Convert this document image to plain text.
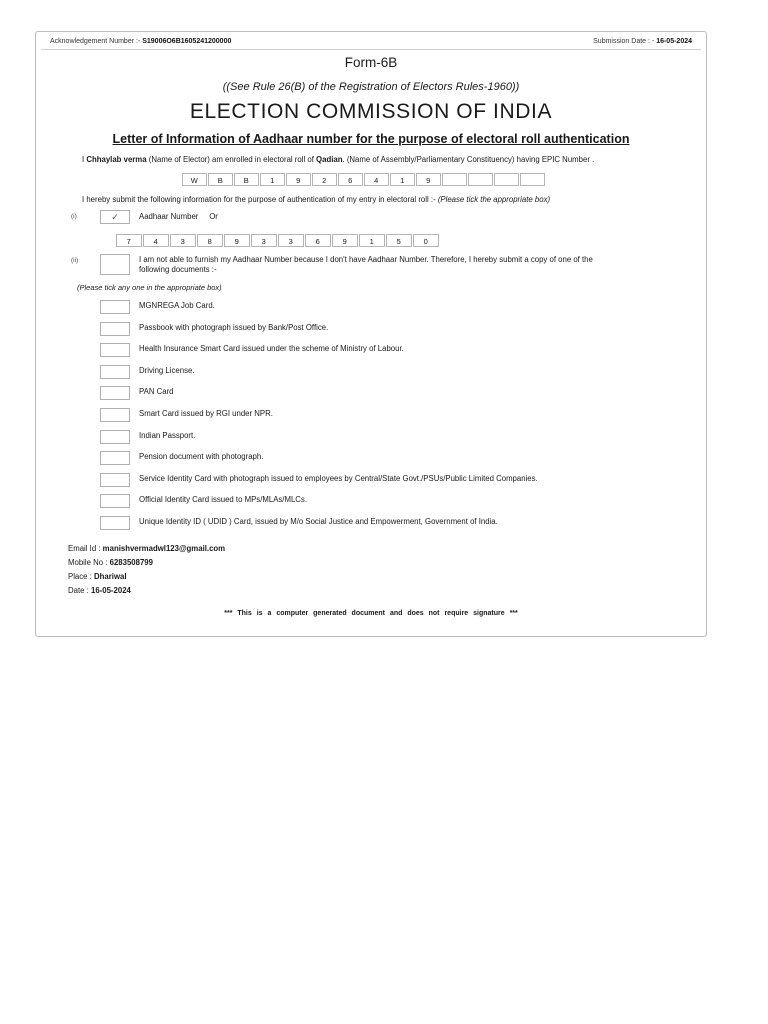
Acknowledgement Number :- S19006O6B1605241200000	Submission Date : - 16-05-2024
Form-6B
((See Rule 26(B) of the Registration of Electors Rules-1960))
ELECTION COMMISSION OF INDIA
Letter of Information of Aadhaar number for the purpose of electoral roll authentication
I Chhaylab verma (Name of Elector) am enrolled in electoral roll of Qadian. (Name of Assembly/Parliamentary Constituency) having EPIC Number .
W	B	B	1	9	2	6	4	1	9
I hereby submit the following information for the purpose of authentication of my entry in electoral roll :- (Please tick the appropriate box)
(i)	✓	Aadhaar Number Or
7	4	3	8	9	3	3	6	9	1	5	0
(ii)	I am not able to furnish my Aadhaar Number because I don't have Aadhaar Number. Therefore, I hereby submit a copy of one of the
following documents :-
(Please tick any one in the appropriate box)
MGNREGA Job Card.
Passbook with photograph issued by Bank/Post Office.
Health Insurance Smart Card issued under the scheme of Ministry of Labour.
Driving License.
PAN Card
Smart Card issued by RGI under NPR.
Indian Passport.
Pension document with photograph.
Service Identity Card with photograph issued to employees by Central/State Govt./PSUs/Public Limited Companies.
Official Identity Card issued to MPs/MLAs/MLCs.
Unique Identity ID ( UDID ) Card, issued by M/o Social Justice and Empowerment, Government of India.
Email Id : manishvermadwl123@gmail.com
Mobile No : 6283508799
Place : Dhariwal
Date : 16-05-2024
*** This is a computer generated document and does not require signature ***
